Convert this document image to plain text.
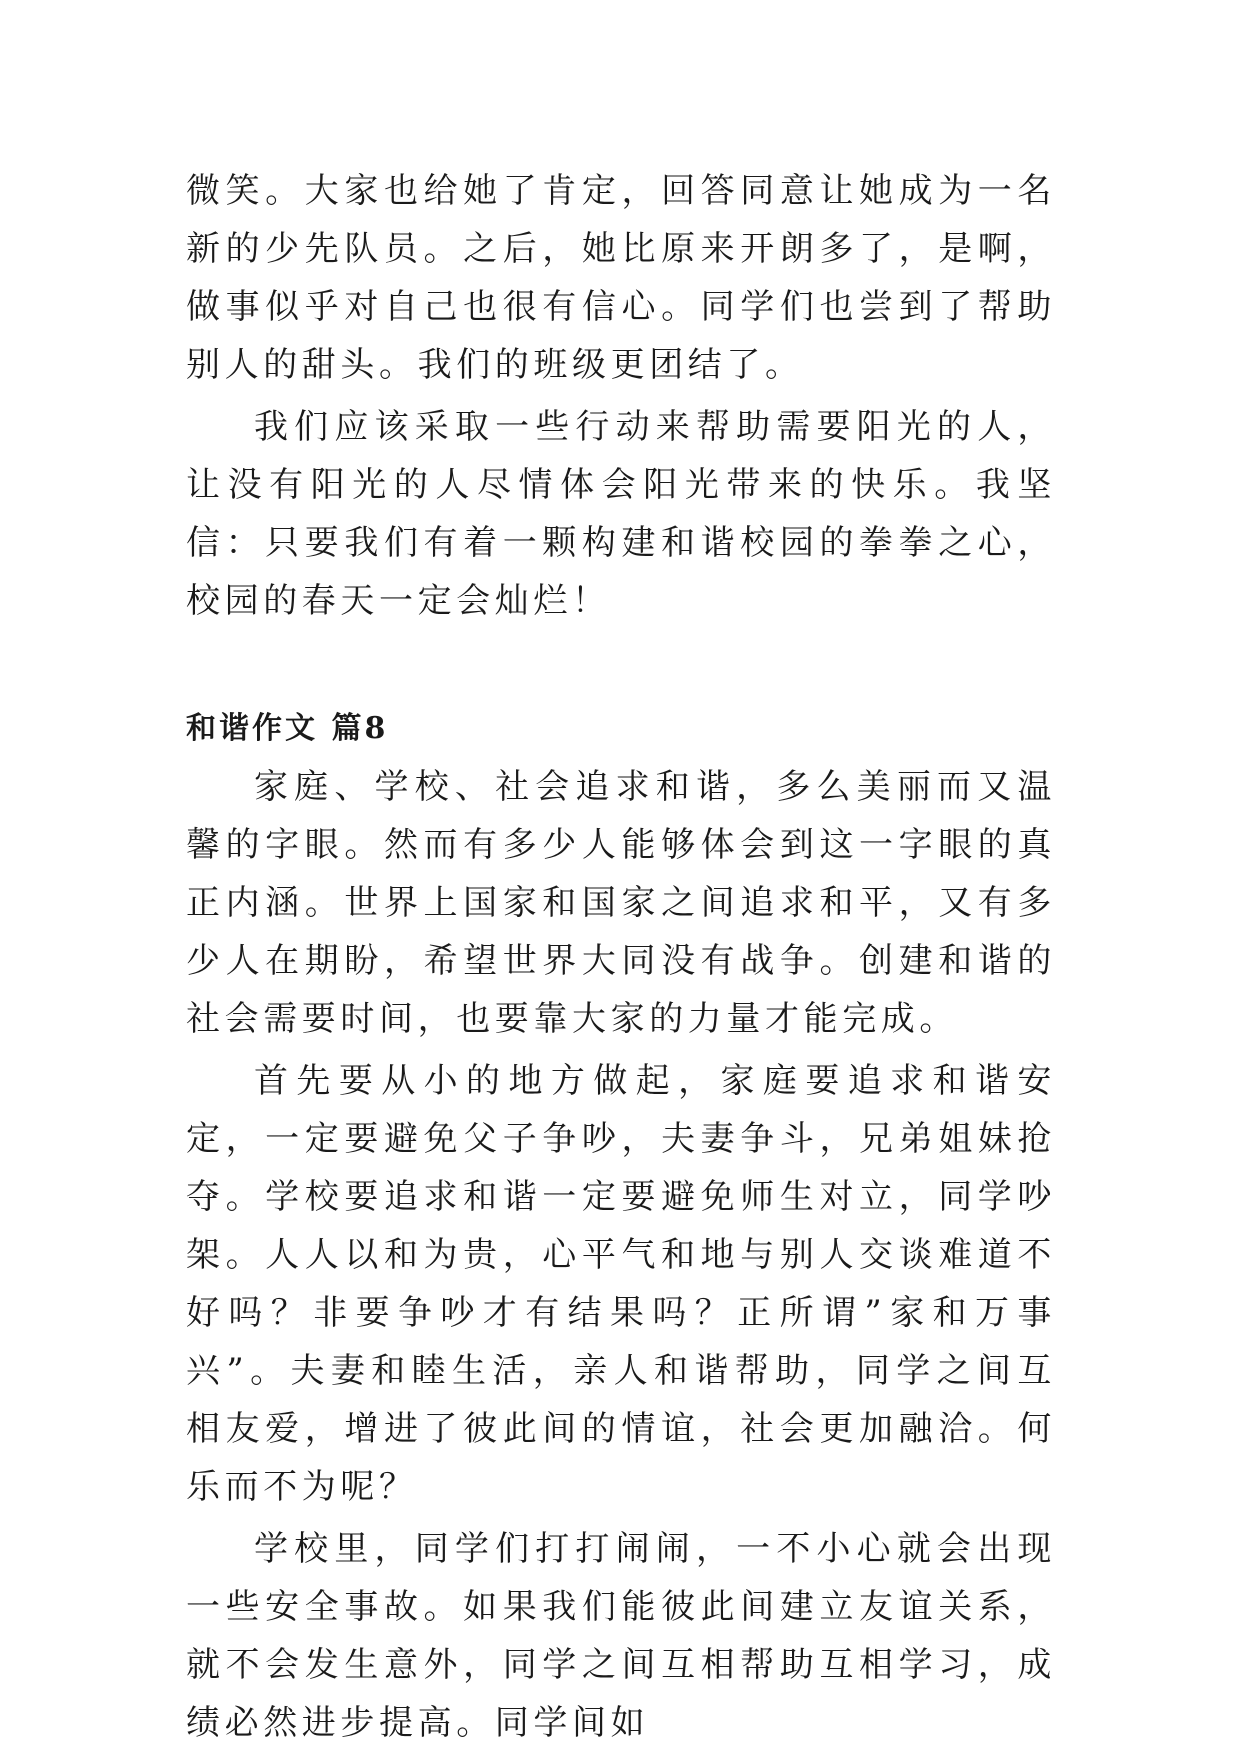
微笑。大家也给她了肯定，回答同意让她成为一名新的少先队员。之后，她比原来开朗多了，是啊，做事似乎对自己也很有信心。同学们也尝到了帮助别人的甜头。我们的班级更团结了。

我们应该采取一些行动来帮助需要阳光的人，让没有阳光的人尽情体会阳光带来的快乐。我坚信：只要我们有着一颗构建和谐校园的拳拳之心，校园的春天一定会灿烂！

和谐作文 篇8

家庭、学校、社会追求和谐，多么美丽而又温馨的字眼。然而有多少人能够体会到这一字眼的真正内涵。世界上国家和国家之间追求和平，又有多少人在期盼，希望世界大同没有战争。创建和谐的社会需要时间，也要靠大家的力量才能完成。

首先要从小的地方做起，家庭要追求和谐安定，一定要避免父子争吵，夫妻争斗，兄弟姐妹抢夺。学校要追求和谐一定要避免师生对立，同学吵架。人人以和为贵，心平气和地与别人交谈难道不好吗？非要争吵才有结果吗？正所谓”家和万事兴”。夫妻和睦生活，亲人和谐帮助，同学之间互相友爱，增进了彼此间的情谊，社会更加融洽。何乐而不为呢？

学校里，同学们打打闹闹，一不小心就会出现一些安全事故。如果我们能彼此间建立友谊关系，就不会发生意外，同学之间互相帮助互相学习，成绩必然进步提高。同学间如
